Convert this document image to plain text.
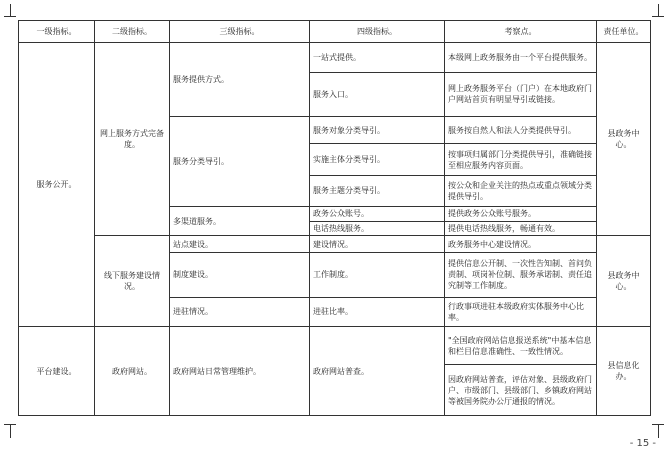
一级指标。	二级指标。	三级指标。	四级指标。	考察点。	责任单位。
服务公开。	网上服务方式完备度。	服务提供方式。	一站式提供。	本级网上政务服务由一个平台提供服务。	县政务中心。
			服务入口。	网上政务服务平台（门户）在本地政府门户网站首页有明显导引或链接。	
		服务分类导引。	服务对象分类导引。	服务按自然人和法人分类提供导引。	
			实施主体分类导引。	按事项归属部门分类提供导引，准确链接至相应服务内容页面。	
			服务主题分类导引。	按公众和企业关注的热点或重点领域分类提供导引。	
		多渠道服务。	政务公众账号。	提供政务公众账号服务。	
			电话热线服务。	提供电话热线服务，畅通有效。	
	线下服务建设情况。	站点建设。	建设情况。	政务服务中心建设情况。	县政务中心。
		制度建设。	工作制度。	提供信息公开制、一次性告知制、首问负责制、项岗补位制、服务承诺制、责任追究制等工作制度。	
		进驻情况。	进驻比率。	行政事项进驻本级政府实体服务中心比率。	
平台建设。	政府网站。	政府网站日常管理维护。	政府网站普查。	"全国政府网站信息报送系统"中基本信息和栏目信息准确性、一致性情况。	县信息化办。
				因政府网站普查，评估对象、县级政府门户、市级部门、县级部门、乡镇政府网站等被国务院办公厅通报的情况。	
- 15 -
